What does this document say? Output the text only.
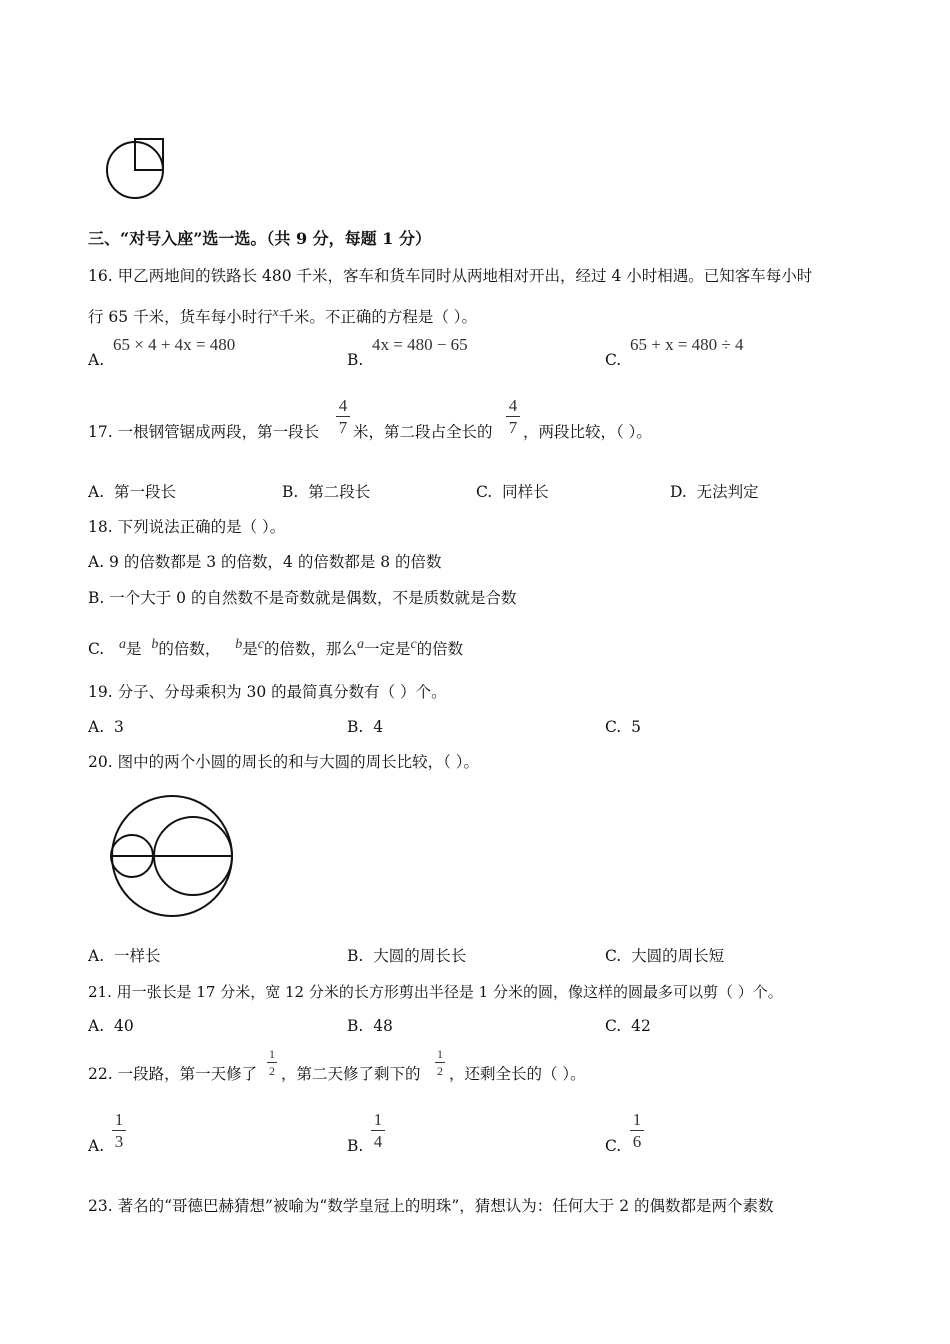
三、“对号入座”选一选。（共 9 分，每题 1 分）
16. 甲乙两地间的铁路长 480 千米，客车和货车同时从两地相对开出，经过 4 小时相遇。已知客车每小时
行 65 千米，货车每小时行$^x$千米。不正确的方程是（ ）。
A.
65 × 4 + 4x = 480
B.
4x = 480 − 65
C.
65 + x = 480 ÷ 4
17. 一根钢管锯成两段，第一段长
4
7 米，第二段占全长的
4
7 ，两段比较，（ ）。
A. 第一段长	B. 第二段长	C. 同样长	D. 无法判定
18. 下列说法正确的是（ ）。
A. 9 的倍数都是 3 的倍数，4 的倍数都是 8 的倍数
B. 一个大于 0 的自然数不是奇数就是偶数，不是质数就是合数
C. $^a$是 $^b$的倍数， $^b$是$^c$的倍数，那么$^a$一定是$^c$的倍数
19. 分子、分母乘积为 30 的最简真分数有（ ）个。
A. 3	B. 4	C. 5
20. 图中的两个小圆的周长的和与大圆的周长比较，（ ）。
A. 一样长	B. 大圆的周长长	C. 大圆的周长短
21. 用一张长是 17 分米，宽 12 分米的长方形剪出半径是 1 分米的圆，像这样的圆最多可以剪（ ）个。
A. 40	B. 48	C. 42
22. 一段路，第一天修了
1
2 ，第二天修了剩下的
1
2 ，还剩全长的（ ）。
A.
1
3	B.
1
4	C.
1
6
23. 著名的“哥德巴赫猜想”被喻为“数学皇冠上的明珠”，猜想认为：任何大于 2 的偶数都是两个素数
